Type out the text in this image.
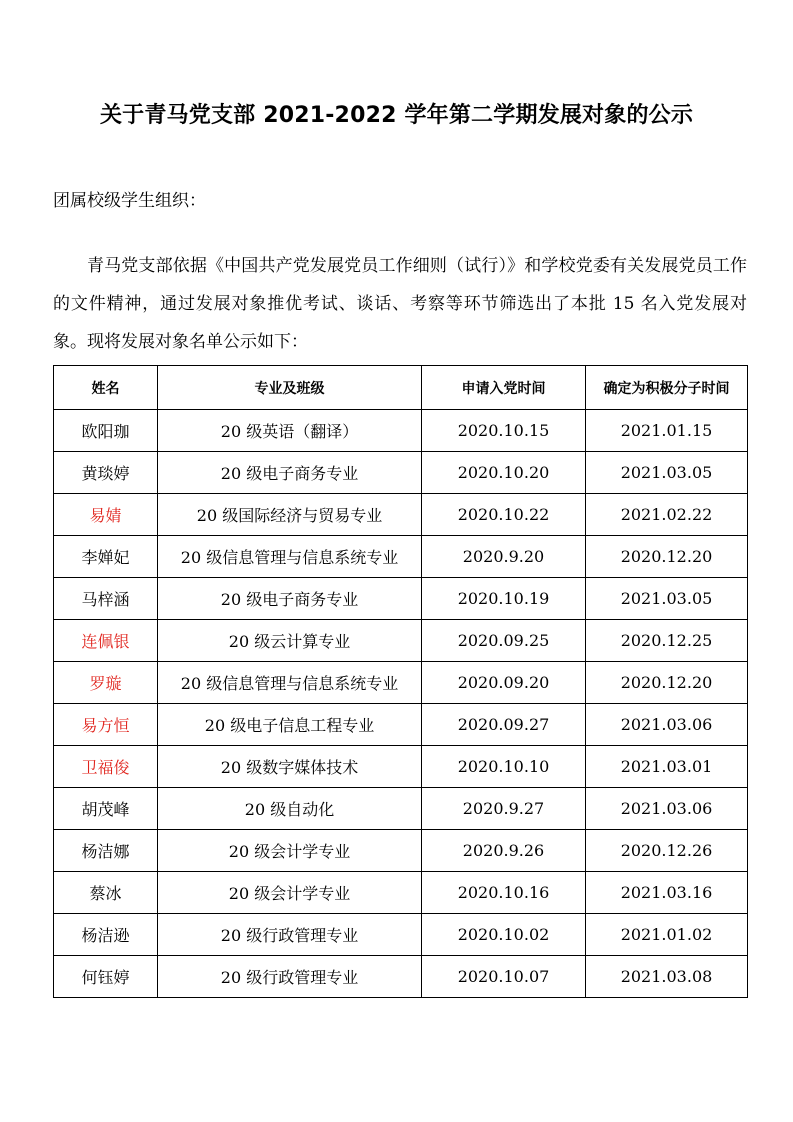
关于青马党支部 2021-2022 学年第二学期发展对象的公示
团属校级学生组织：

青马党支部依据《中国共产党发展党员工作细则（试行）》和学校党委有关发展党员工作的文件精神，通过发展对象推优考试、谈话、考察等环节筛选出了本批 15 名入党发展对象。现将发展对象名单公示如下：

姓名	专业及班级	申请入党时间	确定为积极分子时间
欧阳珈	20 级英语（翻译）	2020.10.15	2021.01.15
黄琰婷	20 级电子商务专业	2020.10.20	2021.03.05
易婧	20 级国际经济与贸易专业	2020.10.22	2021.02.22
李婵妃	20 级信息管理与信息系统专业	2020.9.20	2020.12.20
马梓涵	20 级电子商务专业	2020.10.19	2021.03.05
连佩银	20 级云计算专业	2020.09.25	2020.12.25
罗璇	20 级信息管理与信息系统专业	2020.09.20	2020.12.20
易方恒	20 级电子信息工程专业	2020.09.27	2021.03.06
卫福俊	20 级数字媒体技术	2020.10.10	2021.03.01
胡茂峰	20 级自动化	2020.9.27	2021.03.06
杨洁娜	20 级会计学专业	2020.9.26	2020.12.26
蔡冰	20 级会计学专业	2020.10.16	2021.03.16
杨洁逊	20 级行政管理专业	2020.10.02	2021.01.02
何钰婷	20 级行政管理专业	2020.10.07	2021.03.08
